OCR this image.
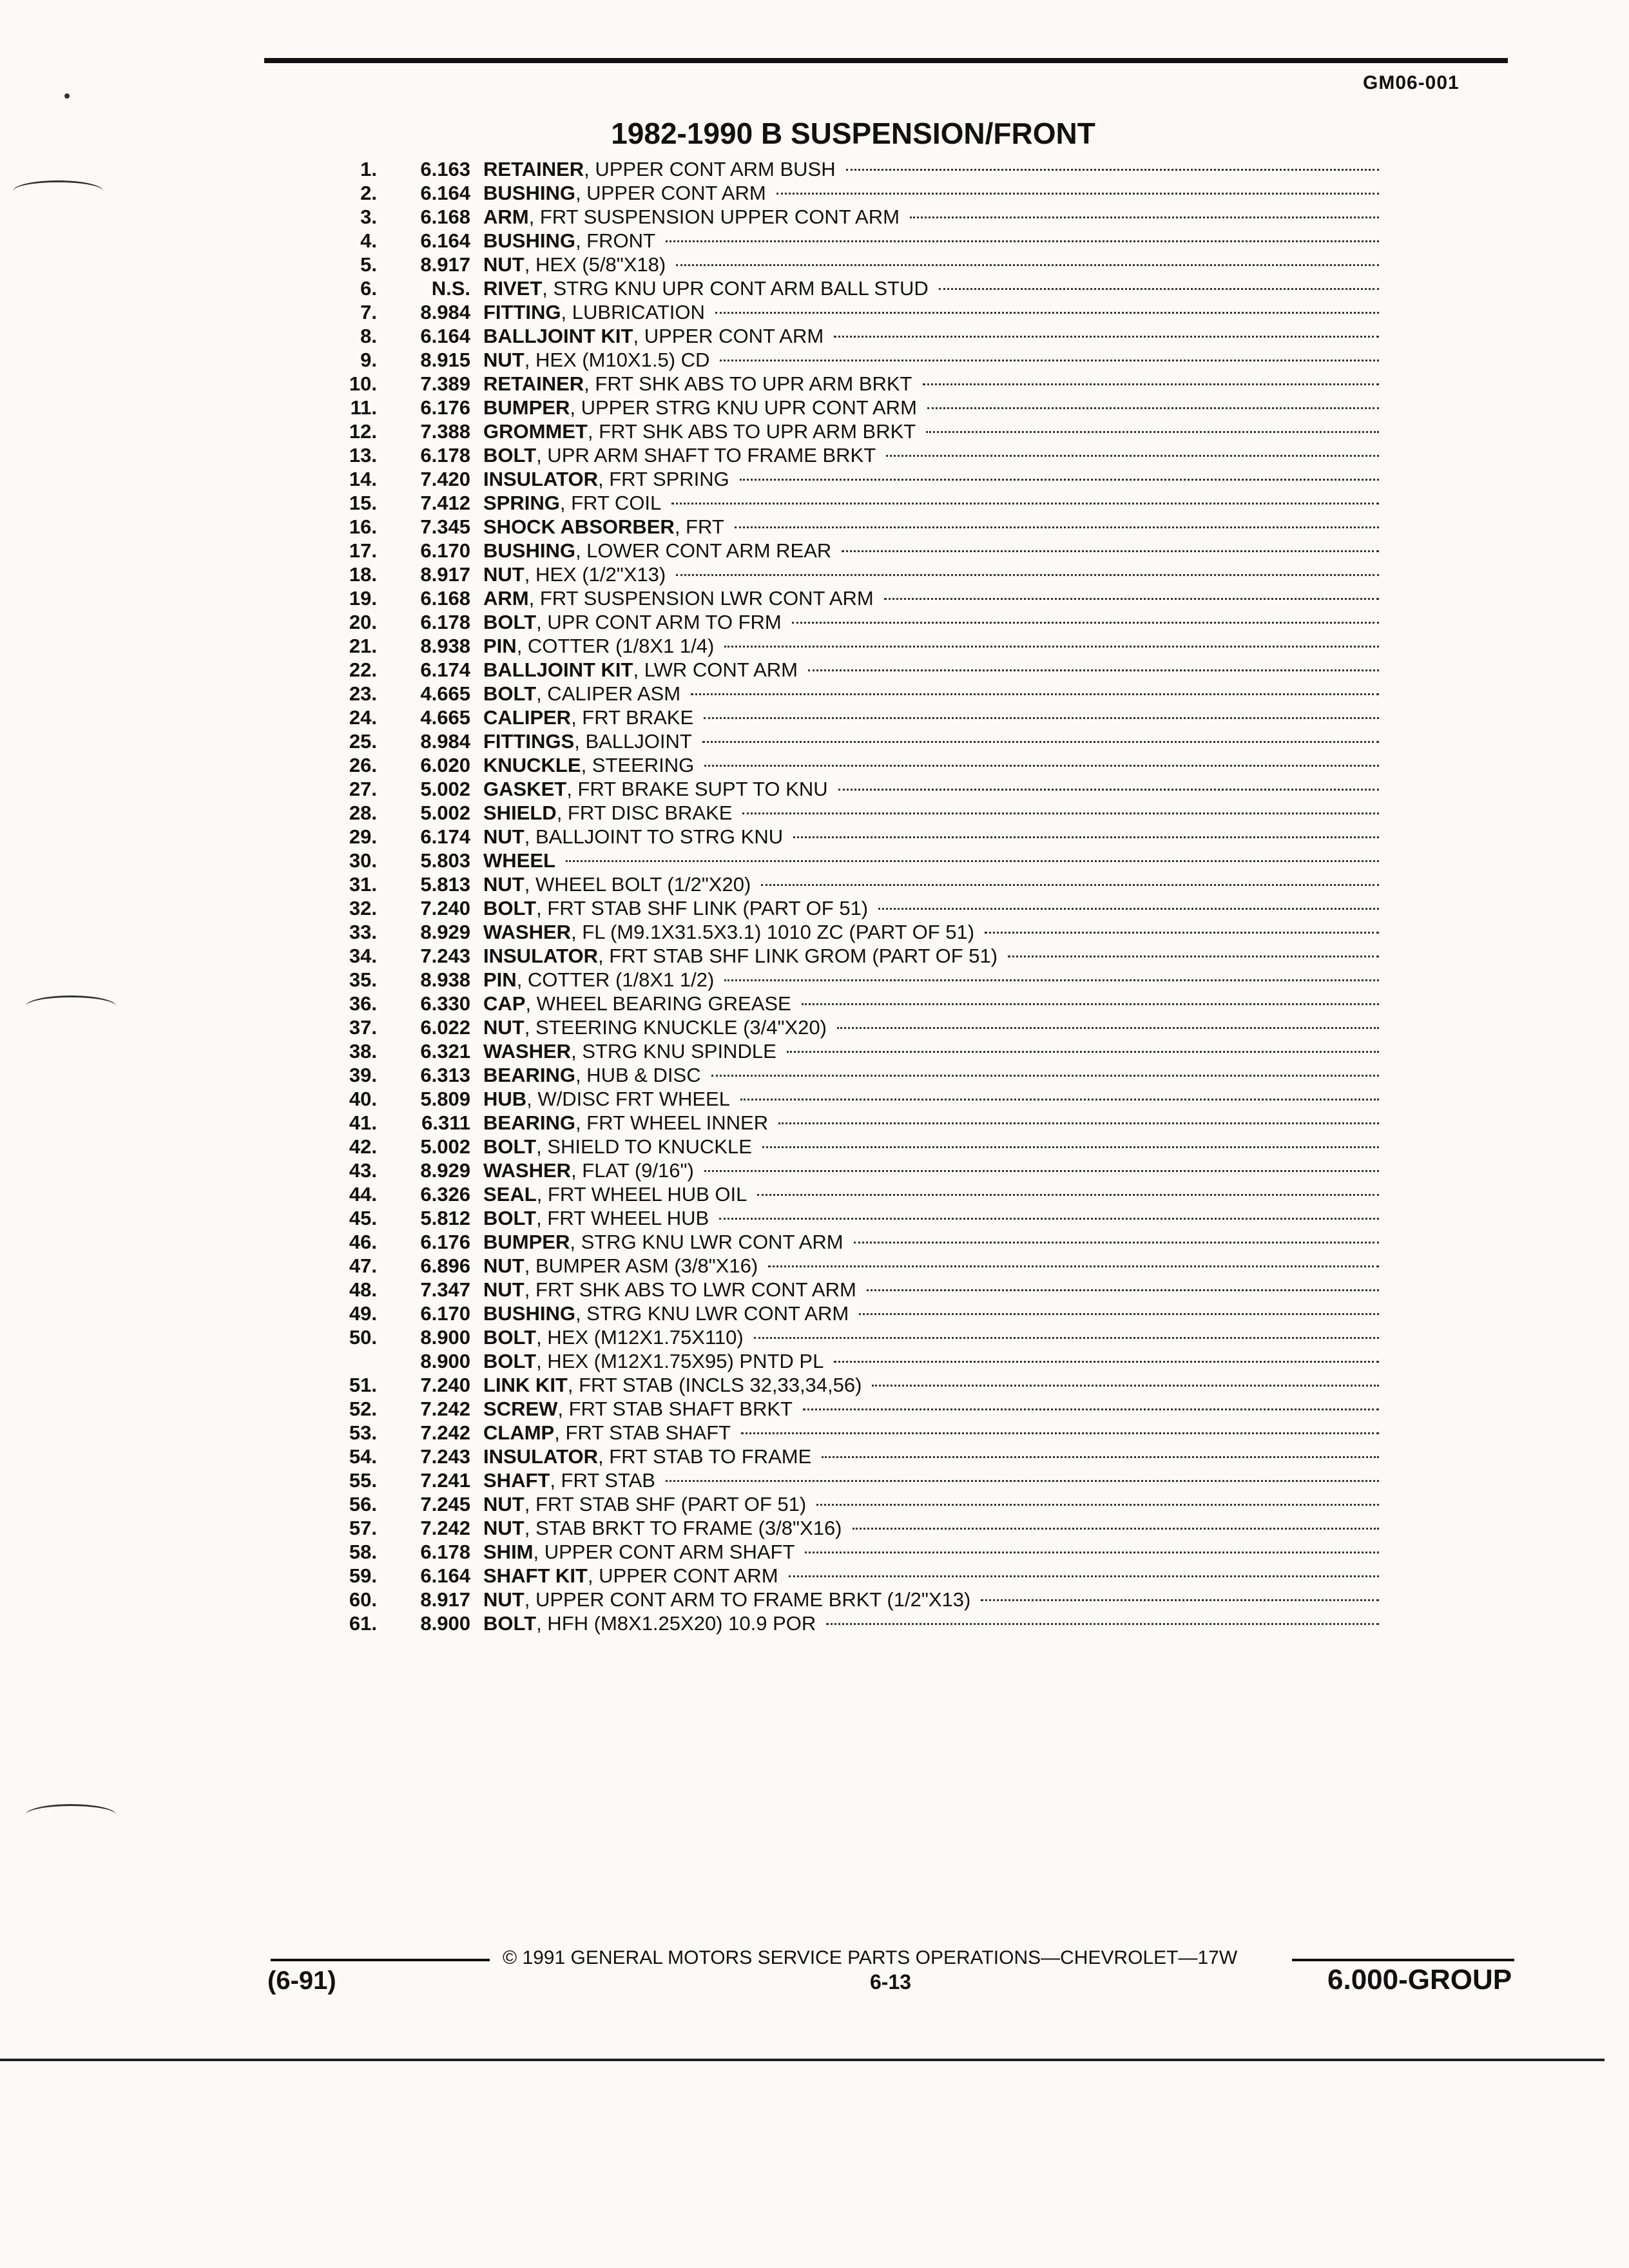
GM06-001
1982-1990 B SUSPENSION/FRONT
1.	6.163 RETAINER , UPPER CONT ARM BUSH
2.	6.164 BUSHING , UPPER CONT ARM
3.	6.168 ARM , FRT SUSPENSION UPPER CONT ARM
4.	6.164 BUSHING , FRONT
5.	8.917 NUT , HEX (5/8"X18)
6.	N.S. RIVET , STRG KNU UPR CONT ARM BALL STUD
7.	8.984 FITTING , LUBRICATION
8.	6.164 BALLJOINT KIT , UPPER CONT ARM
9.	8.915 NUT , HEX (M10X1.5) CD
10.	7.389 RETAINER , FRT SHK ABS TO UPR ARM BRKT
11.	6.176 BUMPER , UPPER STRG KNU UPR CONT ARM
12.	7.388 GROMMET , FRT SHK ABS TO UPR ARM BRKT
13.	6.178 BOLT , UPR ARM SHAFT TO FRAME BRKT
14.	7.420 INSULATOR , FRT SPRING
15.	7.412 SPRING , FRT COIL
16.	7.345 SHOCK ABSORBER , FRT
17.	6.170 BUSHING , LOWER CONT ARM REAR
18.	8.917 NUT , HEX (1/2"X13)
19.	6.168 ARM , FRT SUSPENSION LWR CONT ARM
20.	6.178 BOLT , UPR CONT ARM TO FRM
21.	8.938 PIN , COTTER (1/8X1 1/4)
22.	6.174 BALLJOINT KIT , LWR CONT ARM
23.	4.665 BOLT , CALIPER ASM
24.	4.665 CALIPER , FRT BRAKE
25.	8.984 FITTINGS , BALLJOINT
26.	6.020 KNUCKLE , STEERING
27.	5.002 GASKET , FRT BRAKE SUPT TO KNU
28.	5.002 SHIELD , FRT DISC BRAKE
29.	6.174 NUT , BALLJOINT TO STRG KNU
30.	5.803 WHEEL
31.	5.813 NUT , WHEEL BOLT (1/2"X20)
32.	7.240 BOLT , FRT STAB SHF LINK (PART OF 51)
33.	8.929 WASHER , FL (M9.1X31.5X3.1) 1010 ZC (PART OF 51)
34.	7.243 INSULATOR , FRT STAB SHF LINK GROM (PART OF 51)
35.	8.938 PIN , COTTER (1/8X1 1/2)
36.	6.330 CAP , WHEEL BEARING GREASE
37.	6.022 NUT , STEERING KNUCKLE (3/4"X20)
38.	6.321 WASHER , STRG KNU SPINDLE
39.	6.313 BEARING , HUB & DISC
40.	5.809 HUB , W/DISC FRT WHEEL
41.	6.311 BEARING , FRT WHEEL INNER
42.	5.002 BOLT , SHIELD TO KNUCKLE
43.	8.929 WASHER , FLAT (9/16")
44.	6.326 SEAL , FRT WHEEL HUB OIL
45.	5.812 BOLT , FRT WHEEL HUB
46.	6.176 BUMPER , STRG KNU LWR CONT ARM
47.	6.896 NUT , BUMPER ASM (3/8"X16)
48.	7.347 NUT , FRT SHK ABS TO LWR CONT ARM
49.	6.170 BUSHING , STRG KNU LWR CONT ARM
50.	8.900 BOLT , HEX (M12X1.75X110)
8.900 BOLT , HEX (M12X1.75X95) PNTD PL
51.	7.240 LINK KIT , FRT STAB (INCLS 32,33,34,56)
52.	7.242 SCREW , FRT STAB SHAFT BRKT
53.	7.242 CLAMP , FRT STAB SHAFT
54.	7.243 INSULATOR , FRT STAB TO FRAME
55.	7.241 SHAFT , FRT STAB
56.	7.245 NUT , FRT STAB SHF (PART OF 51)
57.	7.242 NUT , STAB BRKT TO FRAME (3/8"X16)
58.	6.178 SHIM , UPPER CONT ARM SHAFT
59.	6.164 SHAFT KIT , UPPER CONT ARM
60.	8.917 NUT , UPPER CONT ARM TO FRAME BRKT (1/2"X13)
61.	8.900 BOLT , HFH (M8X1.25X20) 10.9 POR
© 1991 GENERAL MOTORS SERVICE PARTS OPERATIONS—CHEVROLET—17W
(6-91)	6-13	6.000-GROUP
